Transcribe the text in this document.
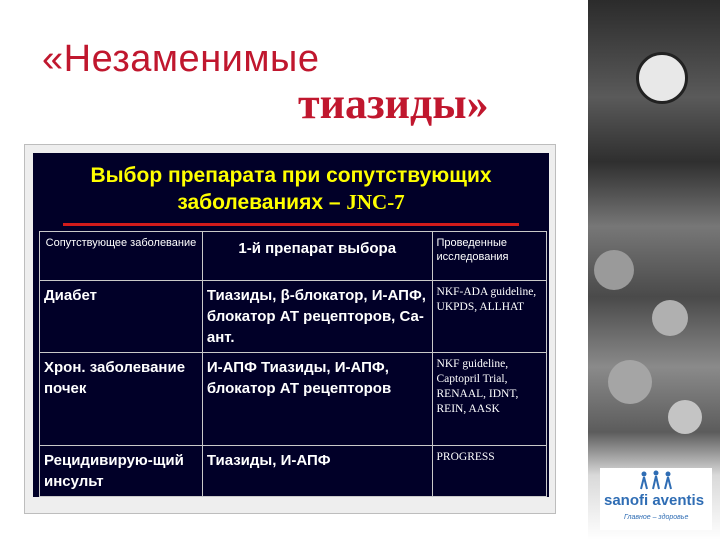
«Незаменимые
тиазиды»
sanofi aventis
Главное – здоровье
Выбор препарата при сопутствующих
заболеваниях – JNC-7
Сопутствующее заболевание	1-й препарат выбора	Проведенные исследования
Диабет	Тиазиды, β-блокатор, И-АПФ, блокатор АТ рецепторов, Са-ант.	NKF-ADA guideline, UKPDS, ALLHAT
Хрон. заболевание почек	И-АПФ Тиазиды, И-АПФ, блокатор АТ рецепторов	NKF guideline, Captopril Trial, RENAAL, IDNT, REIN, AASK
Рецидивирую-щий инсульт	Тиазиды, И-АПФ	PROGRESS
